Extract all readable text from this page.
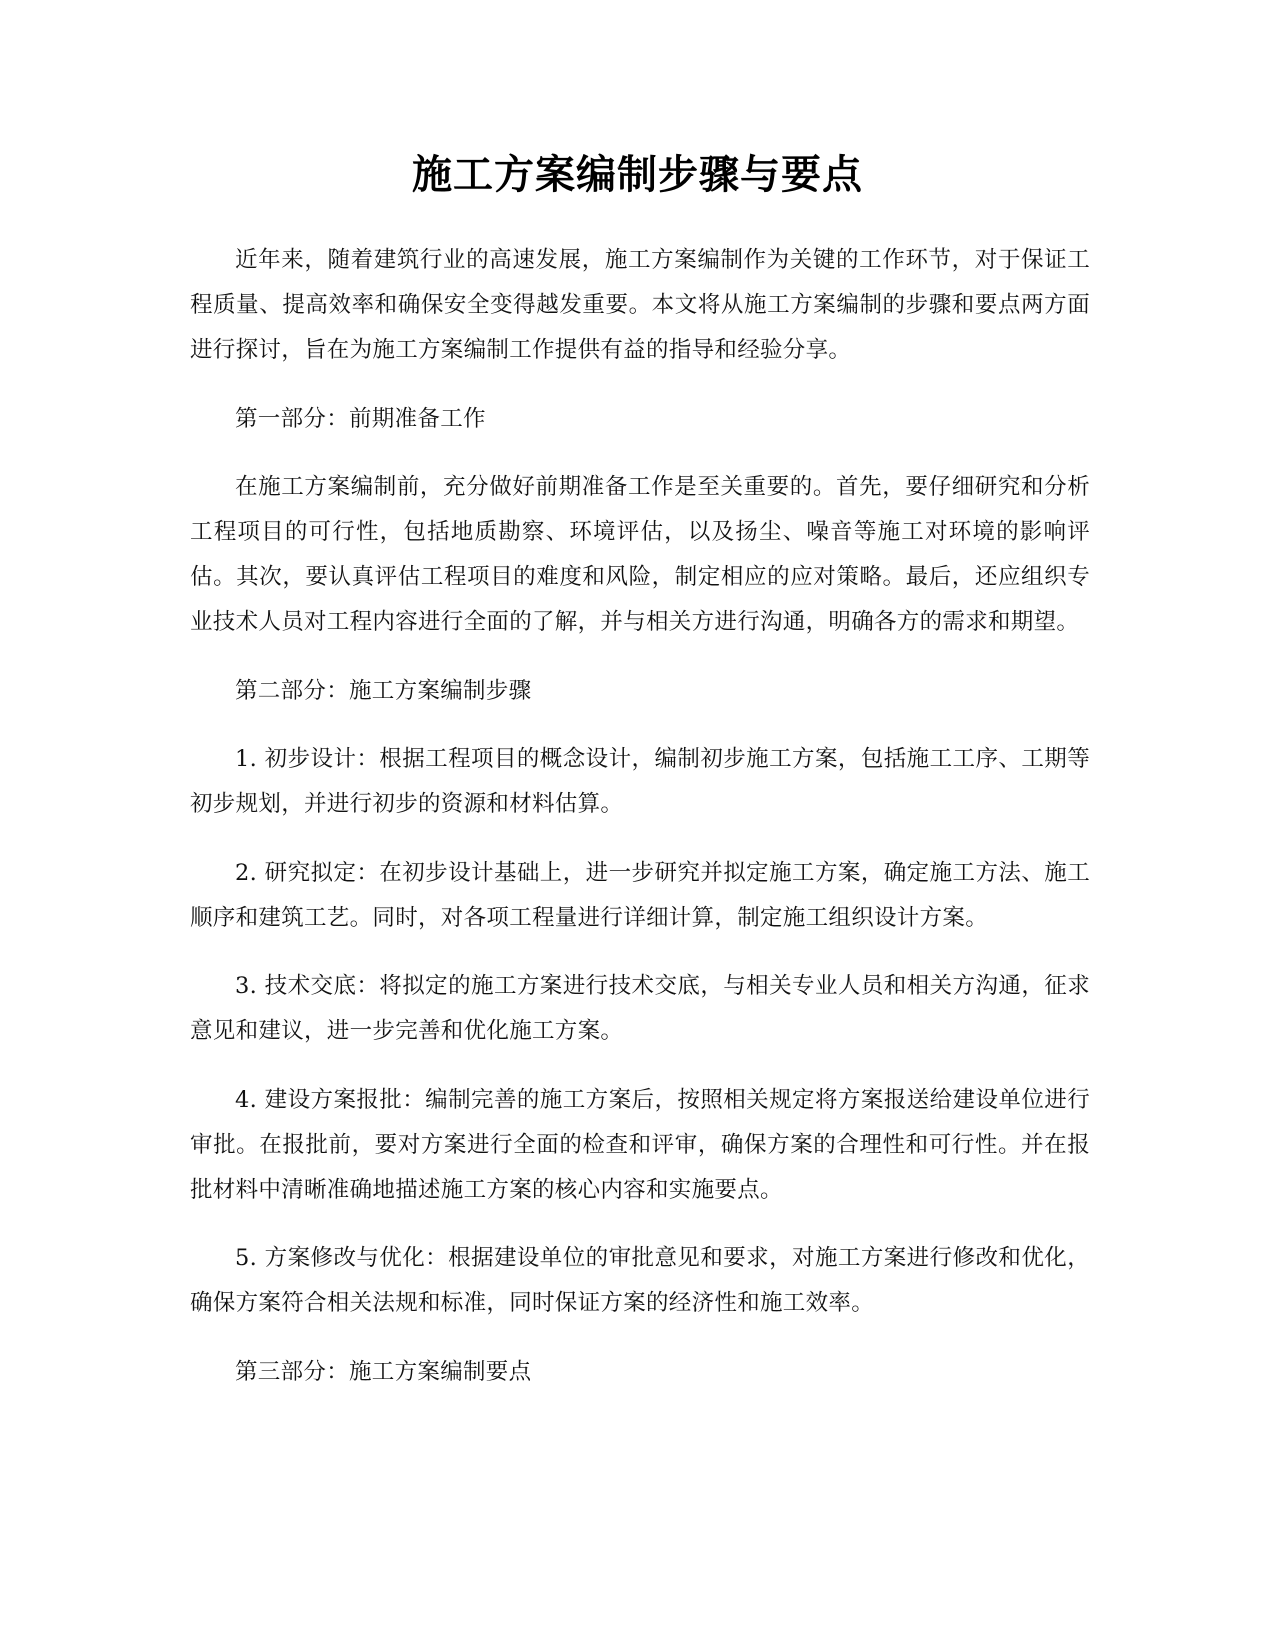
施工方案编制步骤与要点

近年来，随着建筑行业的高速发展，施工方案编制作为关键的工作环节，对于保证工程质量、提高效率和确保安全变得越发重要。本文将从施工方案编制的步骤和要点两方面进行探讨，旨在为施工方案编制工作提供有益的指导和经验分享。

第一部分：前期准备工作

在施工方案编制前，充分做好前期准备工作是至关重要的。首先，要仔细研究和分析工程项目的可行性，包括地质勘察、环境评估，以及扬尘、噪音等施工对环境的影响评估。其次，要认真评估工程项目的难度和风险，制定相应的应对策略。最后，还应组织专业技术人员对工程内容进行全面的了解，并与相关方进行沟通，明确各方的需求和期望。

第二部分：施工方案编制步骤

1. 初步设计：根据工程项目的概念设计，编制初步施工方案，包括施工工序、工期等初步规划，并进行初步的资源和材料估算。

2. 研究拟定：在初步设计基础上，进一步研究并拟定施工方案，确定施工方法、施工顺序和建筑工艺。同时，对各项工程量进行详细计算，制定施工组织设计方案。

3. 技术交底：将拟定的施工方案进行技术交底，与相关专业人员和相关方沟通，征求意见和建议，进一步完善和优化施工方案。

4. 建设方案报批：编制完善的施工方案后，按照相关规定将方案报送给建设单位进行审批。在报批前，要对方案进行全面的检查和评审，确保方案的合理性和可行性。并在报批材料中清晰准确地描述施工方案的核心内容和实施要点。

5. 方案修改与优化：根据建设单位的审批意见和要求，对施工方案进行修改和优化，确保方案符合相关法规和标准，同时保证方案的经济性和施工效率。

第三部分：施工方案编制要点
